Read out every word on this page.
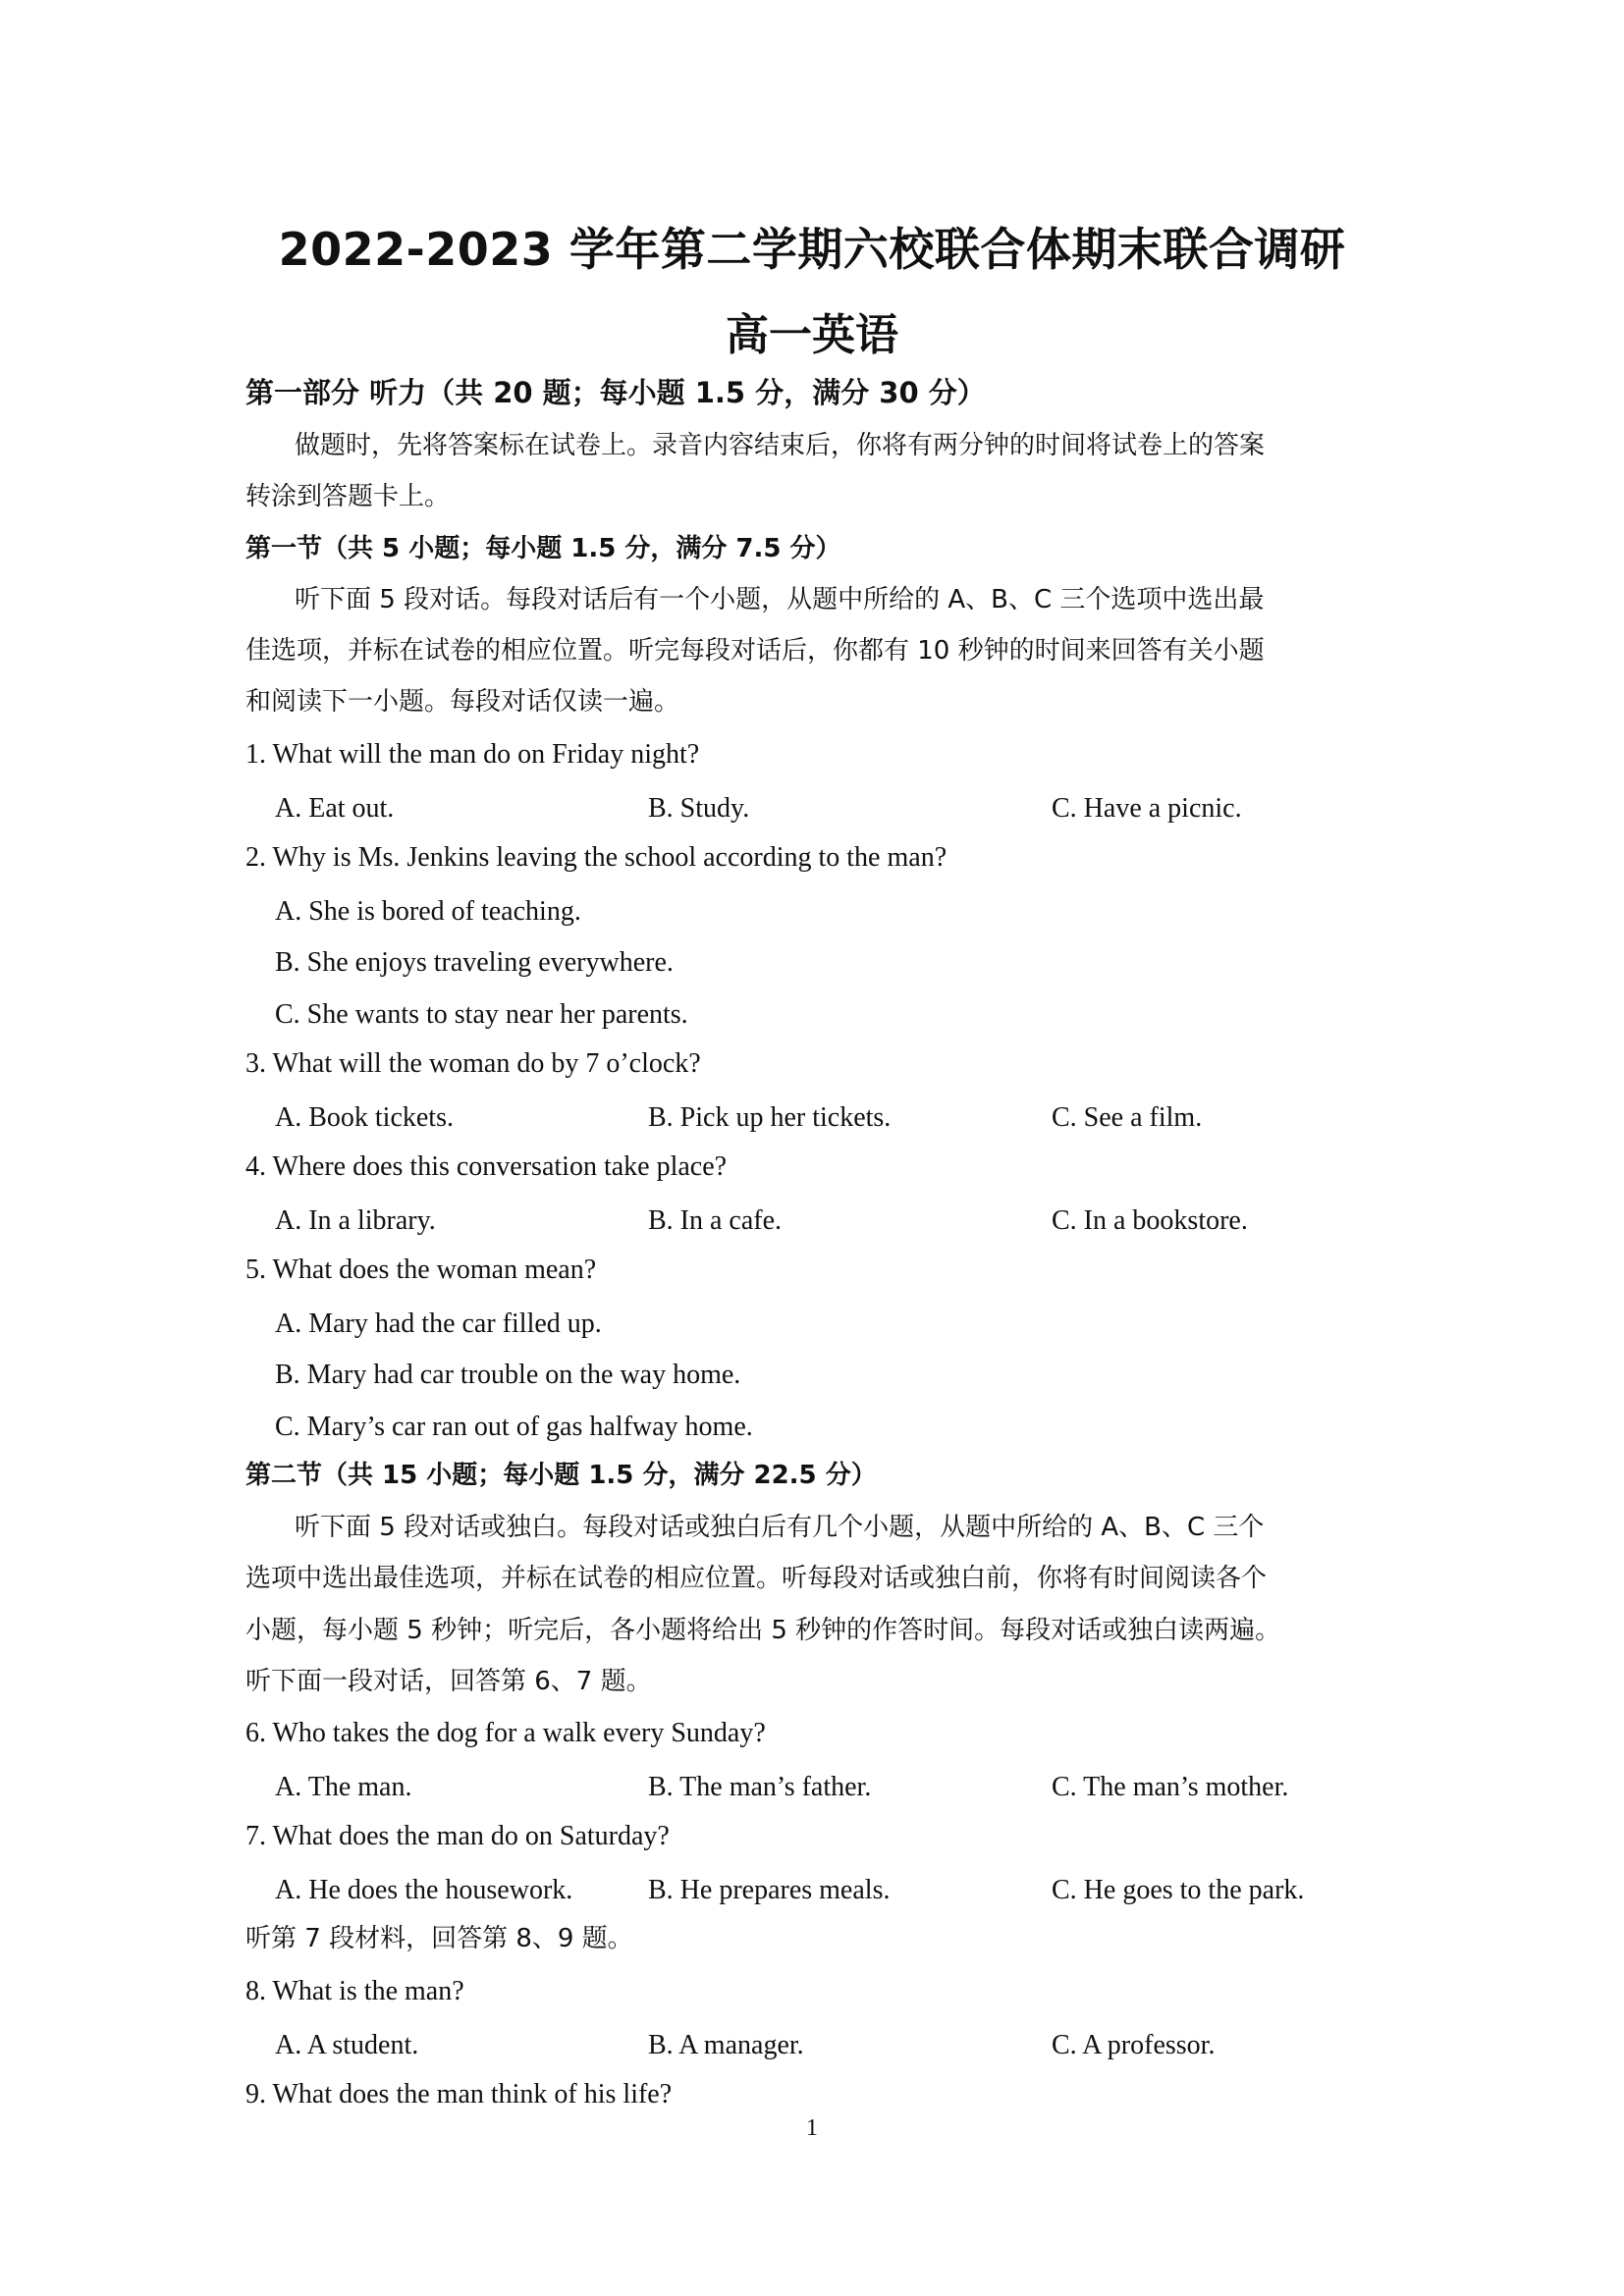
2022-2023 学年第二学期六校联合体期末联合调研
高一英语
第一部分 听力（共 20 题；每小题 1.5 分，满分 30 分）
做题时，先将答案标在试卷上。录音内容结束后，你将有两分钟的时间将试卷上的答案
转涂到答题卡上。
第一节（共 5 小题；每小题 1.5 分，满分 7.5 分）
听下面 5 段对话。每段对话后有一个小题，从题中所给的 A、B、C 三个选项中选出最
佳选项，并标在试卷的相应位置。听完每段对话后，你都有 10 秒钟的时间来回答有关小题
和阅读下一小题。每段对话仅读一遍。
1. What will the man do on Friday night?
A. Eat out.	B. Study.	C. Have a picnic.
2. Why is Ms. Jenkins leaving the school according to the man?
A. She is bored of teaching.
B. She enjoys traveling everywhere.
C. She wants to stay near her parents.
3. What will the woman do by 7 o’clock?
A. Book tickets.	B. Pick up her tickets.	C. See a film.
4. Where does this conversation take place?
A. In a library.	B. In a cafe.	C. In a bookstore.
5. What does the woman mean?
A. Mary had the car filled up.
B. Mary had car trouble on the way home.
C. Mary’s car ran out of gas halfway home.
第二节（共 15 小题；每小题 1.5 分，满分 22.5 分）
听下面 5 段对话或独白。每段对话或独白后有几个小题，从题中所给的 A、B、C 三个
选项中选出最佳选项，并标在试卷的相应位置。听每段对话或独白前，你将有时间阅读各个
小题，每小题 5 秒钟；听完后，各小题将给出 5 秒钟的作答时间。每段对话或独白读两遍。
听下面一段对话，回答第 6、7 题。
6. Who takes the dog for a walk every Sunday?
A. The man.	B. The man’s father.	C. The man’s mother.
7. What does the man do on Saturday?
A. He does the housework.	B. He prepares meals.	C. He goes to the park.
听第 7 段材料，回答第 8、9 题。
8. What is the man?
A. A student.	B. A manager.	C. A professor.
9. What does the man think of his life?
1
